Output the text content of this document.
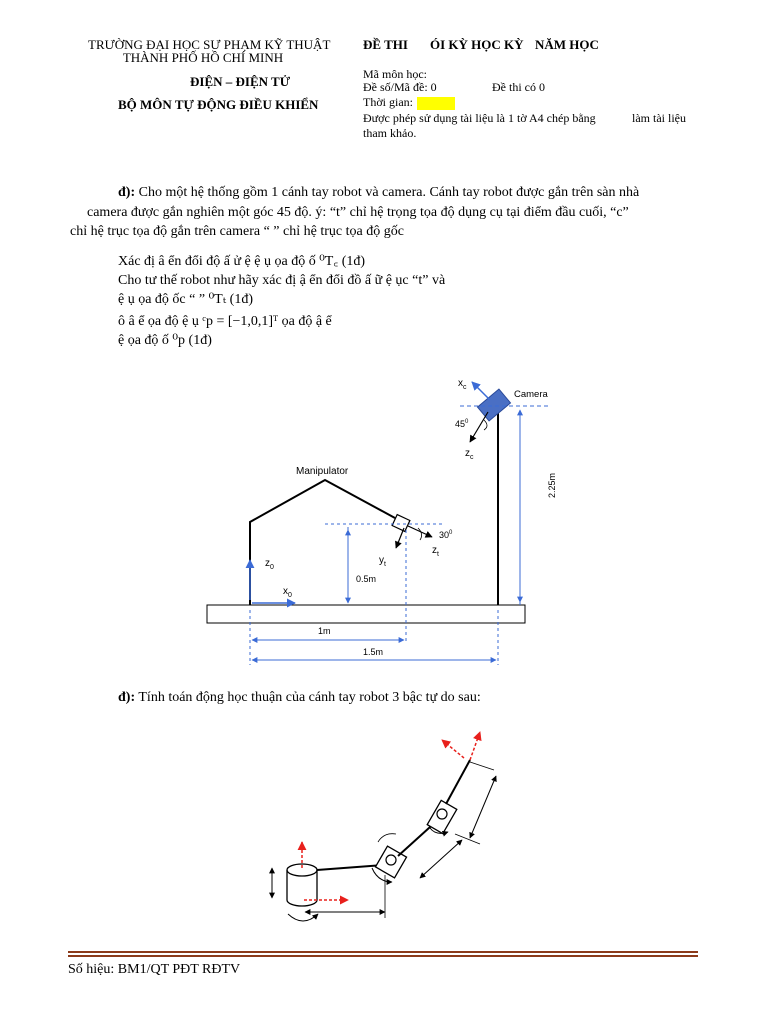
TRƯỜNG ĐẠI HỌC SƯ PHẠM KỸ THUẬT
THÀNH PHỐ HỒ CHÍ MINH
ĐIỆN – ĐIỆN TỬ
BỘ MÔN TỰ ĐỘNG ĐIỀU KHIỂN
ĐỀ THI ÓI KỲ HỌC KỲ NĂM HỌC
Mã môn học:
Đề số/Mã đề: 0	Đề thi có 0
Thời gian:
Được phép sử dụng tài liệu là 1 tờ A4 chép bằng	làm tài liệu
tham khảo.
đ): Cho một hệ thống gồm 1 cánh tay robot và camera. Cánh tay robot được gắn trên sàn nhà
camera được gắn nghiên một góc 45 độ. ý: “t” chỉ hệ trọng tọa độ dụng cụ tại điểm đầu cuối, “c”
chỉ hệ trục tọa độ gắn trên camera “ ” chỉ hệ trục tọa độ gốc
Xác đị â ển đổi độ ấ ử ệ ệ ụ ọa độ ố ⁰T꜀ (1đ)
Cho tư thế robot như hãy xác đị ậ ển đổi đồ ấ ữ ệ ục “t” và
ệ ụ ọa độ ốc “ ” ⁰Tₜ (1đ)
ô â ể ọa độ ệ ụ ᶜp = [−1,0,1]ᵀ ọa độ ậ ể
ệ ọa độ ố ⁰p (1đ)
Manipulator
Camera
$x_c$
$45^0$
$z_c$
2.25m
$30^0$
$y_t$
$z_t$
$z_0$
$x_0$
0.5m
1m
1.5m
đ): Tính toán động học thuận của cánh tay robot 3 bậc tự do sau:
Số hiệu: BM1/QT PĐT RĐTV
